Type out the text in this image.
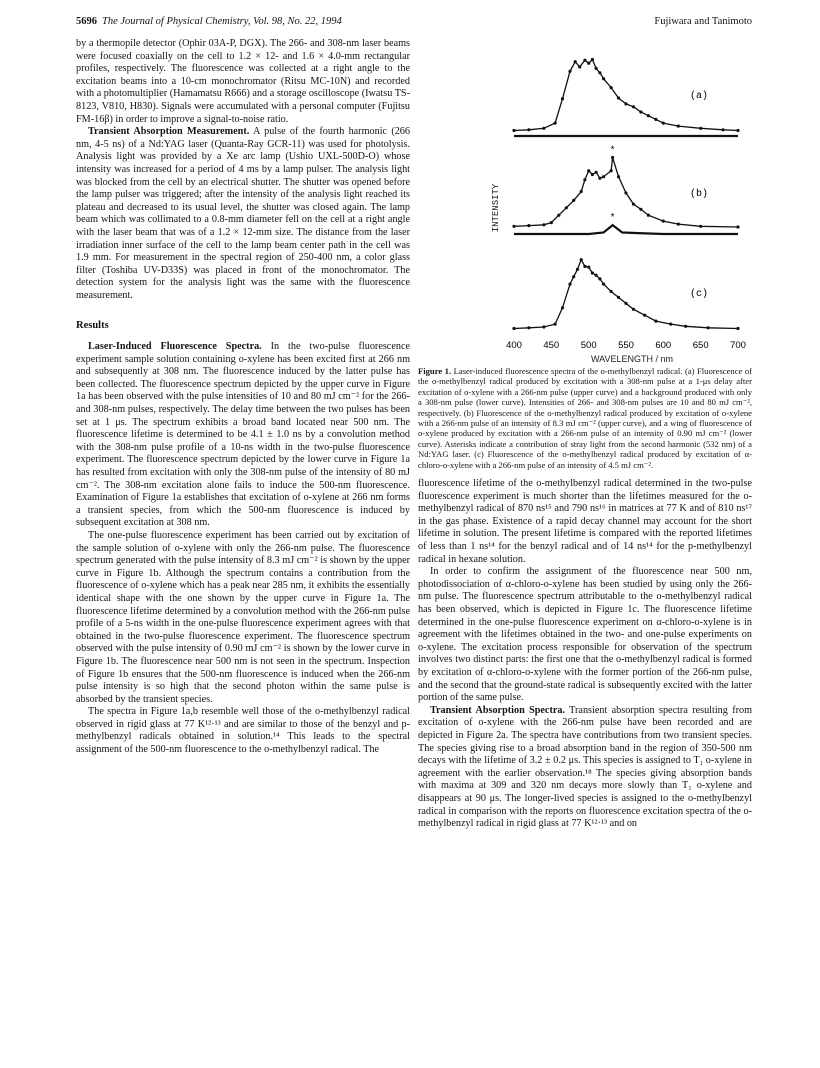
5696 The Journal of Physical Chemistry, Vol. 98, No. 22, 1994	Fujiwara and Tanimoto

by a thermopile detector (Ophir 03A-P, DGX). The 266- and 308-nm laser beams were focused coaxially on the cell to 1.2 × 12- and 1.6 × 4.0-mm rectangular profiles, respectively. The fluorescence was collected at a right angle to the excitation beams into a 10-cm monochromator (Ritsu MC-10N) and recorded with a photomultiplier (Hamamatsu R666) and a storage oscilloscope (Iwatsu TS-8123, V810, H830). Signals were accumulated with a personal computer (Fujitsu FM-16β) in order to improve a signal-to-noise ratio.

Transient Absorption Measurement. A pulse of the fourth harmonic (266 nm, 4-5 ns) of a Nd:YAG laser (Quanta-Ray GCR-11) was used for photolysis. Analysis light was provided by a Xe arc lamp (Ushio UXL-500D-O) whose intensity was increased for a period of 4 ms by a lamp pulser. The analysis light was blocked from the cell by an electrical shutter. The shutter was opened before the lamp pulser was triggered; after the intensity of the analysis light reached its plateau and decreased to its usual level, the shutter was closed again. The lamp beam which was collimated to a 0.8-mm diameter fell on the cell at a right angle with the laser beam that was of a 1.2 × 12-mm size. The distance from the laser irradiation inner surface of the cell to the lamp beam center path in the cell was 1.9 mm. For measurement in the spectral region of 250-400 nm, a color glass filter (Toshiba UV-D33S) was placed in front of the monochromator. The detection system for the analysis light was the same with the fluorescence measurement.

Results

Laser-Induced Fluorescence Spectra. In the two-pulse fluorescence experiment sample solution containing o-xylene has been excited first at 266 nm and subsequently at 308 nm. The fluorescence induced by the latter pulse has been collected. The fluorescence spectrum depicted by the upper curve in Figure 1a has been observed with the pulse intensities of 10 and 80 mJ cm⁻² for the 266- and 308-nm pulses, respectively. The delay time between the two pulses has been set at 1 μs. The spectrum exhibits a broad band located near 500 nm. The fluorescence lifetime is determined to be 4.1 ± 1.0 ns by a convolution method with the 308-nm pulse profile of a 10-ns width in the two-pulse fluorescence experiment. The fluorescence spectrum depicted by the lower curve in Figure 1a has resulted from excitation with only the 308-nm pulse of the intensity of 80 mJ cm⁻². The 308-nm excitation alone fails to induce the 500-nm fluorescence. Examination of Figure 1a establishes that excitation of o-xylene at 266 nm forms a transient species, from which the 500-nm fluorescence is induced by subsequent excitation at 308 nm.

The one-pulse fluorescence experiment has been carried out by excitation of the sample solution of o-xylene with only the 266-nm pulse. The fluorescence spectrum generated with the pulse intensity of 8.3 mJ cm⁻² is shown by the upper curve in Figure 1b. Although the spectrum contains a contribution from the fluorescence of o-xylene which has a peak near 285 nm, it exhibits the essentially identical shape with the one shown by the upper curve in Figure 1a. The fluorescence lifetime determined by a convolution method with the 266-nm pulse profile of a 5-ns width in the one-pulse fluorescence experiment agrees with that obtained in the two-pulse fluorescence experiment. The fluorescence spectrum observed with the pulse intensity of 0.90 mJ cm⁻² is shown by the lower curve in Figure 1b. The fluorescence near 500 nm is not seen in the spectrum. Inspection of Figure 1b ensures that the 500-nm fluorescence is induced when the 266-nm pulse intensity is so high that the second photon within the same pulse is absorbed by the transient species.

The spectra in Figure 1a,b resemble well those of the o-methylbenzyl radical observed in rigid glass at 77 K¹²·¹³ and are similar to those of the benzyl and p-methylbenzyl radicals obtained in solution.¹⁴ This leads to the spectral assignment of the 500-nm fluorescence to the o-methylbenzyl radical. The

INTENSITY
(a)
*
*
(b)
(c)
400 450 500 550 600 650 700
WAVELENGTH / nm
Figure 1. Laser-induced fluorescence spectra of the o-methylbenzyl radical. (a) Fluorescence of the o-methylbenzyl radical produced by excitation with a 308-nm pulse at a 1-μs delay after excitation of o-xylene with a 266-nm pulse (upper curve) and a background produced with only a 308-nm pulse (lower curve). Intensities of 266- and 308-nm pulses are 10 and 80 mJ cm⁻², respectively. (b) Fluorescence of the o-methylbenzyl radical produced by excitation of o-xylene with a 266-nm pulse of an intensity of 8.3 mJ cm⁻² (upper curve), and a wing of fluorescence of o-xylene produced by excitation with a 266-nm pulse of an intensity of 0.90 mJ cm⁻² (lower curve). Asterisks indicate a contribution of stray light from the second harmonic (532 nm) of a Nd:YAG laser. (c) Fluorescence of the o-methylbenzyl radical produced by excitation of α-chloro-o-xylene with a 266-nm pulse of an intensity of 4.5 mJ cm⁻².

fluorescence lifetime of the o-methylbenzyl radical determined in the two-pulse fluorescence experiment is much shorter than the lifetimes measured for the o-methylbenzyl radical of 870 ns¹⁵ and 790 ns¹⁶ in matrices at 77 K and of 810 ns¹⁷ in the gas phase. Existence of a rapid decay channel may account for the short lifetime in solution. The present lifetime is compared with the reported lifetimes of less than 1 ns¹⁴ for the benzyl radical and of 14 ns¹⁴ for the p-methylbenzyl radical in hexane solution.

In order to confirm the assignment of the fluorescence near 500 nm, photodissociation of α-chloro-o-xylene has been studied by using only the 266-nm pulse. The fluorescence spectrum attributable to the o-methylbenzyl radical has been observed, which is depicted in Figure 1c. The fluorescence lifetime determined in the one-pulse fluorescence experiment on α-chloro-o-xylene is in agreement with the lifetimes obtained in the two- and one-pulse experiments on o-xylene. The excitation process responsible for observation of the spectrum involves two distinct parts: the first one that the o-methylbenzyl radical is formed by excitation of α-chloro-o-xylene with the former portion of the 266-nm pulse, and the second that the ground-state radical is subsequently excited with the latter portion of the same pulse.

Transient Absorption Spectra. Transient absorption spectra resulting from excitation of o-xylene with the 266-nm pulse have been recorded and are depicted in Figure 2a. The spectra have contributions from two transient species. The species giving rise to a broad absorption band in the region of 350-500 nm decays with the lifetime of 3.2 ± 0.2 μs. This species is assigned to T₁ o-xylene in agreement with the earlier observation.¹⁸ The species giving absorption bands with maxima at 309 and 320 nm decays more slowly than T₁ o-xylene and disappears at 90 μs. The longer-lived species is assigned to the o-methylbenzyl radical in comparison with the reports on fluorescence excitation spectra of the o-methylbenzyl radical in rigid glass at 77 K¹²·¹³ and on
